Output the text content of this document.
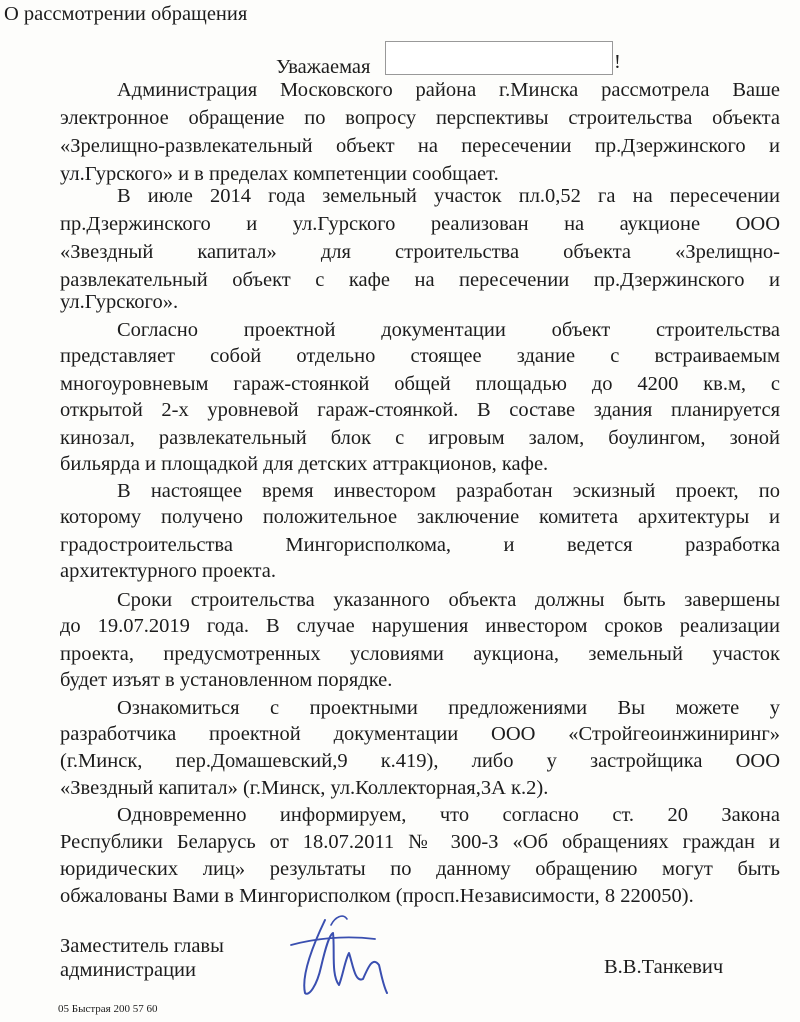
О рассмотрении обращения
Уважаемая	!
Администрация Московского района г.Минска рассмотрела Ваше
электронное обращение по вопросу перспективы строительства объекта
«Зрелищно-развлекательный объект на пересечении пр.Дзержинского и
ул.Гурского» и в пределах компетенции сообщает.
В июле 2014 года земельный участок пл.0,52 га на пересечении
пр.Дзержинского и ул.Гурского реализован на аукционе ООО
«Звездный капитал» для строительства объекта «Зрелищно-
развлекательный объект с кафе на пересечении пр.Дзержинского и
ул.Гурского».
Согласно проектной документации объект строительства
представляет собой отдельно стоящее здание с встраиваемым
многоуровневым гараж-стоянкой общей площадью до 4200 кв.м, с
открытой 2-х уровневой гараж-стоянкой. В составе здания планируется
кинозал, развлекательный блок с игровым залом, боулингом, зоной
бильярда и площадкой для детских аттракционов, кафе.
В настоящее время инвестором разработан эскизный проект, по
которому получено положительное заключение комитета архитектуры и
градостроительства Мингорисполкома, и ведется разработка
архитектурного проекта.
Сроки строительства указанного объекта должны быть завершены
до 19.07.2019 года. В случае нарушения инвестором сроков реализации
проекта, предусмотренных условиями аукциона, земельный участок
будет изъят в установленном порядке.
Ознакомиться с проектными предложениями Вы можете у
разработчика проектной документации ООО «Стройгеоинжиниринг»
(г.Минск, пер.Домашевский,9 к.419), либо у застройщика ООО
«Звездный капитал» (г.Минск, ул.Коллекторная,3А к.2).
Одновременно информируем, что согласно ст. 20 Закона
Республики Беларусь от 18.07.2011 № 300-З «Об обращениях граждан и
юридических лиц» результаты по данному обращению могут быть
обжалованы Вами в Мингорисполком (просп.Независимости, 8 220050).
Заместитель главы
администрации	В.В.Танкевич
05 Быстрая 200 57 60
